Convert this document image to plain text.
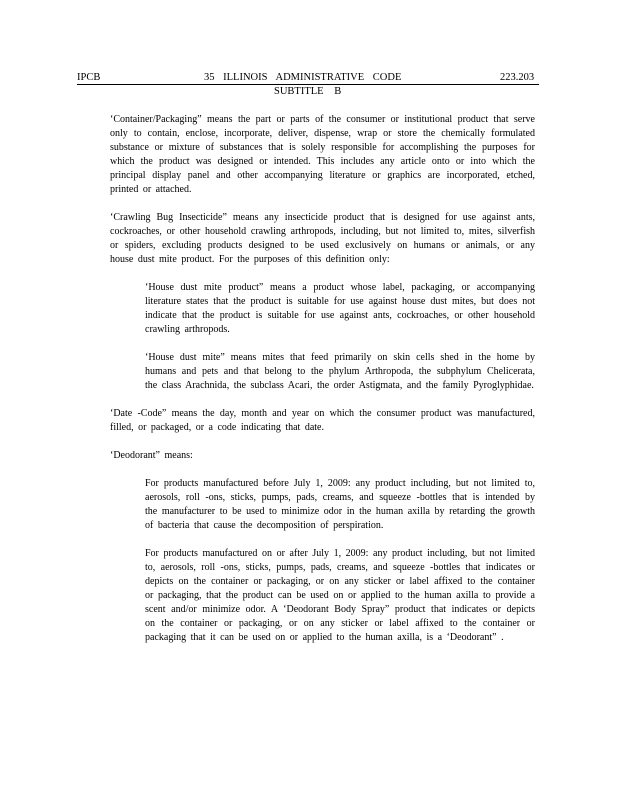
IPCB	35 ILLINOIS ADMINISTRATIVE CODE	223.203
SUBTITLE B

‘Container/Packaging” means the part or parts of the consumer or institutional product that serve only to contain, enclose, incorporate, deliver, dispense, wrap or store the chemically formulated substance or mixture of substances that is solely responsible for accomplishing the purposes for which the product was designed or intended. This includes any article onto or into which the principal display panel and other accompanying literature or graphics are incorporated, etched, printed or attached.

‘Crawling Bug Insecticide” means any insecticide product that is designed for use against ants, cockroaches, or other household crawling arthropods, including, but not limited to, mites, silverfish or spiders, excluding products designed to be used exclusively on humans or animals, or any house dust mite product. For the purposes of this definition only:

‘House dust mite product” means a product whose label, packaging, or accompanying literature states that the product is suitable for use against house dust mites, but does not indicate that the product is suitable for use against ants, cockroaches, or other household crawling arthropods.

‘House dust mite” means mites that feed primarily on skin cells shed in the home by humans and pets and that belong to the phylum Arthropoda, the subphylum Chelicerata, the class Arachnida, the subclass Acari, the order Astigmata, and the family Pyroglyphidae.

‘Date -Code” means the day, month and year on which the consumer product was manufactured, filled, or packaged, or a code indicating that date.

‘Deodorant” means:

For products manufactured before July 1, 2009: any product including, but not limited to, aerosols, roll -ons, sticks, pumps, pads, creams, and squeeze -bottles that is intended by the manufacturer to be used to minimize odor in the human axilla by retarding the growth of bacteria that cause the decomposition of perspiration.

For products manufactured on or after July 1, 2009: any product including, but not limited to, aerosols, roll -ons, sticks, pumps, pads, creams, and squeeze -bottles that indicates or depicts on the container or packaging, or on any sticker or label affixed to the container or packaging, that the product can be used on or applied to the human axilla to provide a scent and/or minimize odor. A ‘Deodorant Body Spray” product that indicates or depicts on the container or packaging, or on any sticker or label affixed to the container or packaging that it can be used on or applied to the human axilla, is a ‘Deodorant” .
